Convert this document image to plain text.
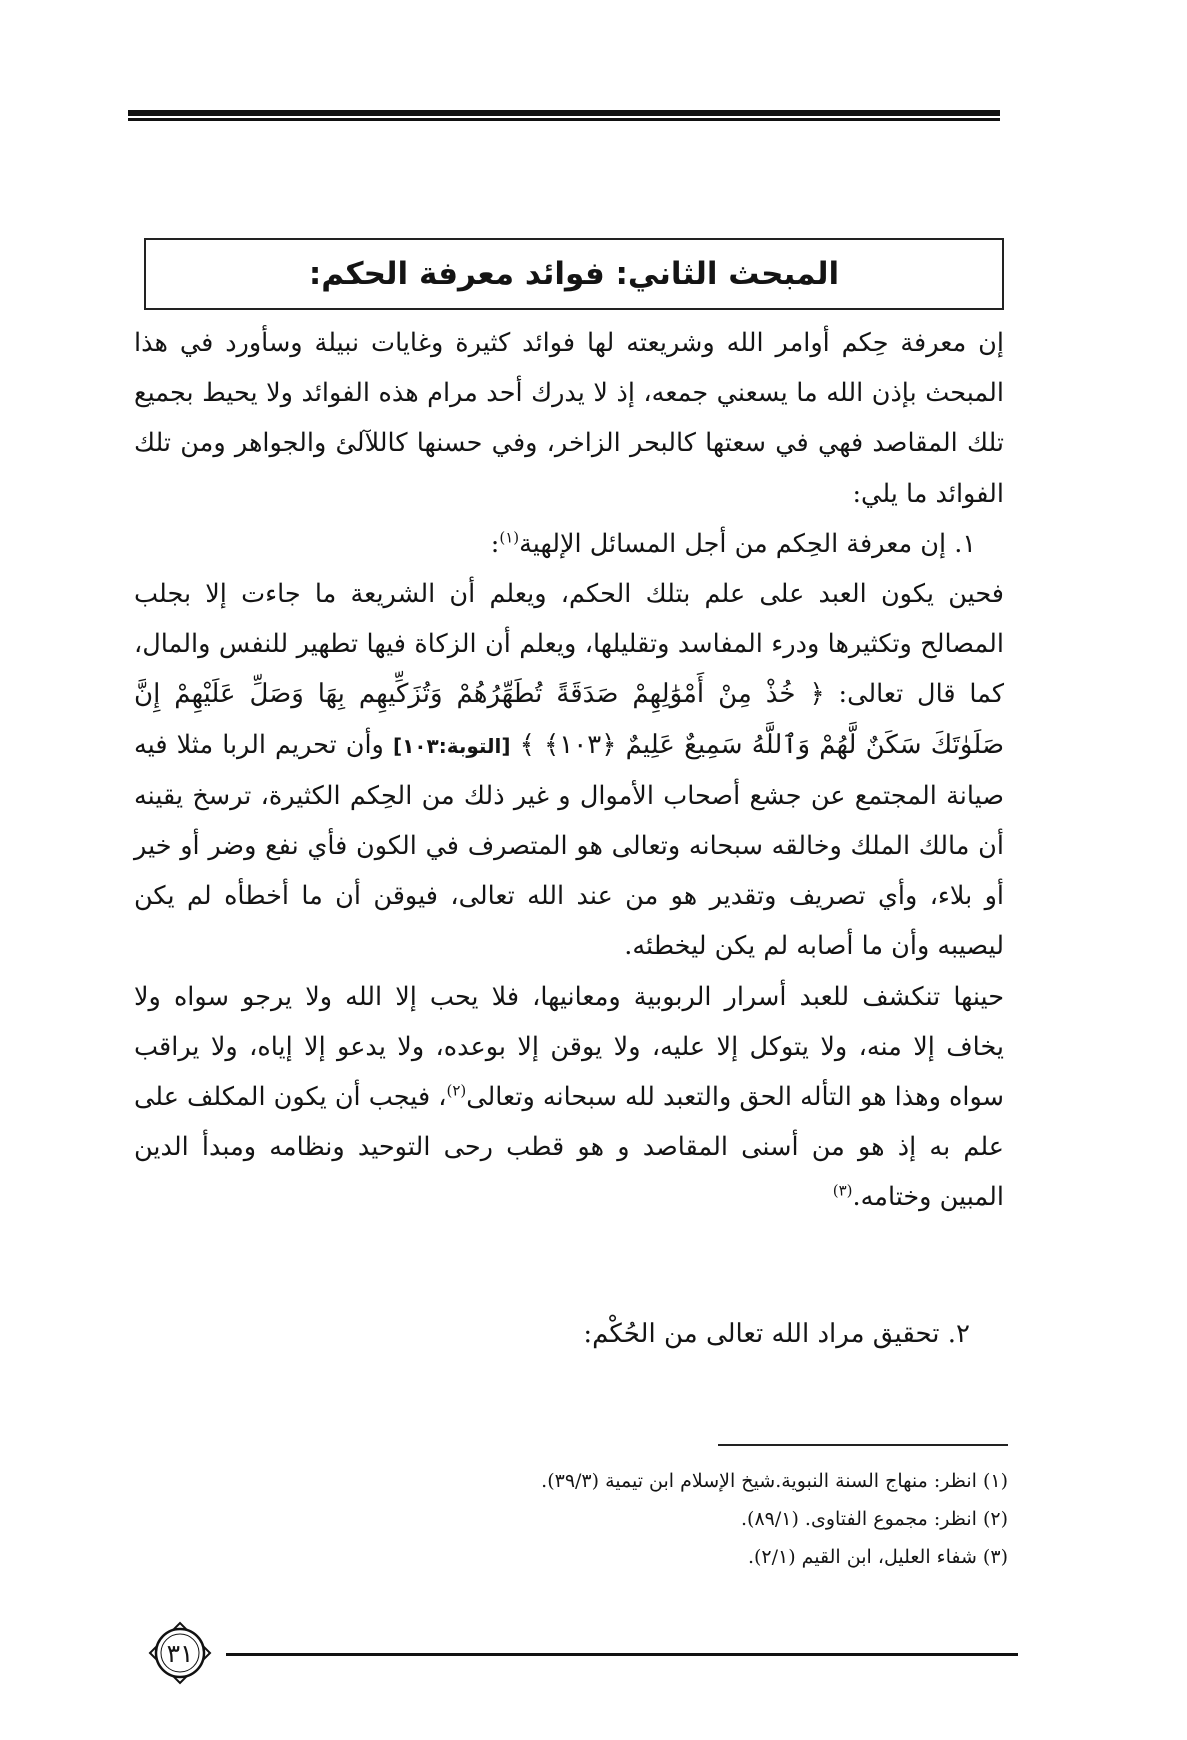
المبحث الثاني: فوائد معرفة الحكم:

إن معرفة حِكم أوامر الله وشريعته لها فوائد كثيرة وغايات نبيلة وسأورد في هذا المبحث بإذن الله ما يسعني جمعه، إذ لا يدرك أحد مرام هذه الفوائد ولا يحيط بجميع تلك المقاصد فهي في سعتها كالبحر الزاخر، وفي حسنها كاللآلئ والجواهر ومن تلك الفوائد ما يلي:

١. إن معرفة الحِكم من أجل المسائل الإلهية$^{(١)}$:

فحين يكون العبد على علم بتلك الحكم، ويعلم أن الشريعة ما جاءت إلا بجلب المصالح وتكثيرها ودرء المفاسد وتقليلها، ويعلم أن الزكاة فيها تطهير للنفس والمال، كما قال تعالى: ﴿ خُذْ مِنْ أَمْوَٰلِهِمْ صَدَقَةً تُطَهِّرُهُمْ وَتُزَكِّيهِم بِهَا وَصَلِّ عَلَيْهِمْ إِنَّ صَلَوٰتَكَ سَكَنٌ لَّهُمْ وَٱللَّهُ سَمِيعٌ عَلِيمٌ ﴿١٠٣﴾ ﴾ [التوبة:١٠٣] وأن تحريم الربا مثلا فيه صيانة المجتمع عن جشع أصحاب الأموال و غير ذلك من الحِكم الكثيرة، ترسخ يقينه أن مالك الملك وخالقه سبحانه وتعالى هو المتصرف في الكون فأي نفع وضر أو خير أو بلاء، وأي تصريف وتقدير هو من عند الله تعالى، فيوقن أن ما أخطأه لم يكن ليصيبه وأن ما أصابه لم يكن ليخطئه.

حينها تنكشف للعبد أسرار الربوبية ومعانيها، فلا يحب إلا الله ولا يرجو سواه ولا يخاف إلا منه، ولا يتوكل إلا عليه، ولا يوقن إلا بوعده، ولا يدعو إلا إياه، ولا يراقب سواه وهذا هو التأله الحق والتعبد لله سبحانه وتعالى$^{(٢)}$، فيجب أن يكون المكلف على علم به إذ هو من أسنى المقاصد و هو قطب رحى التوحيد ونظامه ومبدأ الدين المبين وختامه.$^{(٣)}$

٢. تحقيق مراد الله تعالى من الحُكْم:
(١) انظر: منهاج السنة النبوية.شيخ الإسلام ابن تيمية (٣٩/٣).
(٢) انظر: مجموع الفتاوى. (٨٩/١).
(٣) شفاء العليل، ابن القيم (٢/١).
٣١
